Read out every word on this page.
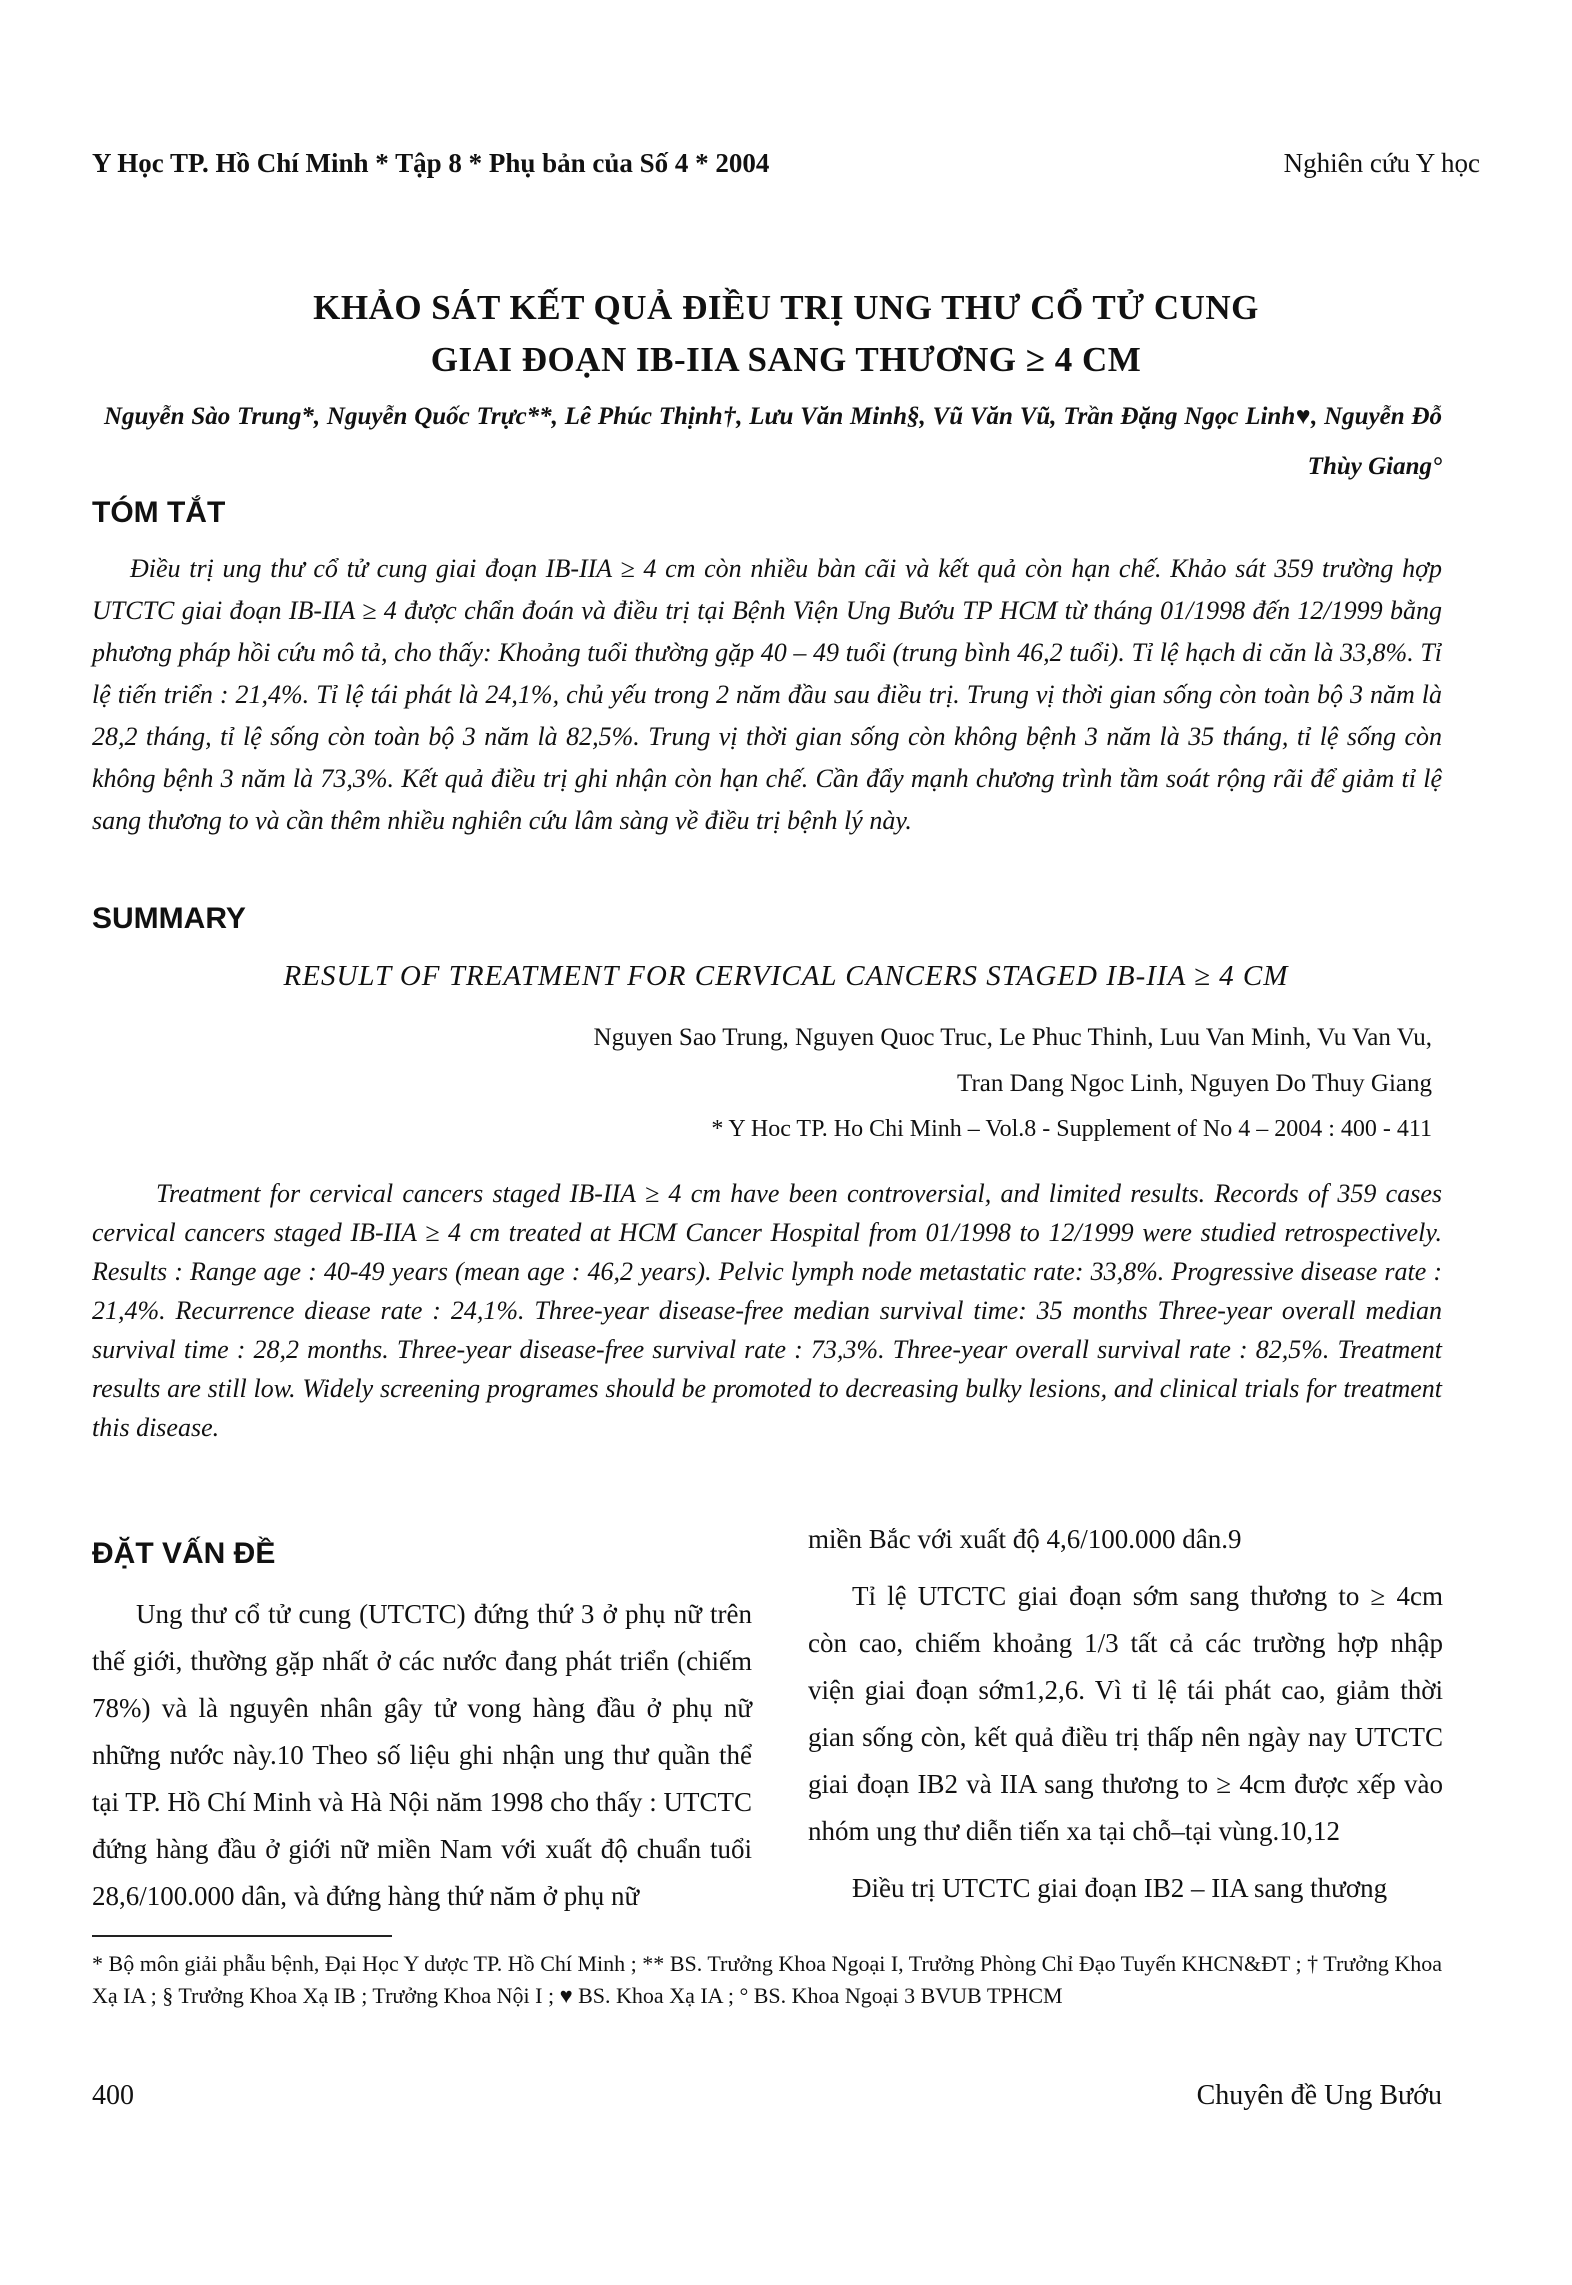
Y Học TP. Hồ Chí Minh * Tập 8 * Phụ bản của Số 4 * 2004	Nghiên cứu Y học
KHẢO SÁT KẾT QUẢ ĐIỀU TRỊ UNG THƯ CỔ TỬ CUNG
GIAI ĐOẠN IB-IIA SANG THƯƠNG ≥ 4 CM
Nguyễn Sào Trung*, Nguyễn Quốc Trực**, Lê Phúc Thịnh†, Lưu Văn Minh§, Vũ Văn Vũ, Trần Đặng Ngọc Linh♥, Nguyễn Đỗ Thùy Giang°
TÓM TẮT
Điều trị ung thư cổ tử cung giai đoạn IB-IIA ≥ 4 cm còn nhiều bàn cãi và kết quả còn hạn chế. Khảo sát 359 trường hợp UTCTC giai đoạn IB-IIA ≥ 4 được chẩn đoán và điều trị tại Bệnh Viện Ung Bướu TP HCM từ tháng 01/1998 đến 12/1999 bằng phương pháp hồi cứu mô tả, cho thấy: Khoảng tuổi thường gặp 40 – 49 tuổi (trung bình 46,2 tuổi). Tỉ lệ hạch di căn là 33,8%. Tỉ lệ tiến triển : 21,4%. Tỉ lệ tái phát là 24,1%, chủ yếu trong 2 năm đầu sau điều trị. Trung vị thời gian sống còn toàn bộ 3 năm là 28,2 tháng, tỉ lệ sống còn toàn bộ 3 năm là 82,5%. Trung vị thời gian sống còn không bệnh 3 năm là 35 tháng, tỉ lệ sống còn không bệnh 3 năm là 73,3%. Kết quả điều trị ghi nhận còn hạn chế. Cần đẩy mạnh chương trình tầm soát rộng rãi để giảm tỉ lệ sang thương to và cần thêm nhiều nghiên cứu lâm sàng về điều trị bệnh lý này.
SUMMARY
RESULT OF TREATMENT FOR CERVICAL CANCERS STAGED IB-IIA ≥ 4 CM
Nguyen Sao Trung, Nguyen Quoc Truc, Le Phuc Thinh, Luu Van Minh, Vu Van Vu,
Tran Dang Ngoc Linh, Nguyen Do Thuy Giang
* Y Hoc TP. Ho Chi Minh – Vol.8 - Supplement of No 4 – 2004 : 400 - 411
Treatment for cervical cancers staged IB-IIA ≥ 4 cm have been controversial, and limited results. Records of 359 cases cervical cancers staged IB-IIA ≥ 4 cm treated at HCM Cancer Hospital from 01/1998 to 12/1999 were studied retrospectively. Results : Range age : 40-49 years (mean age : 46,2 years). Pelvic lymph node metastatic rate: 33,8%. Progressive disease rate : 21,4%. Recurrence diease rate : 24,1%. Three-year disease-free median survival time: 35 months Three-year overall median survival time : 28,2 months. Three-year disease-free survival rate : 73,3%. Three-year overall survival rate : 82,5%. Treatment results are still low. Widely screening programes should be promoted to decreasing bulky lesions, and clinical trials for treatment this disease.

ĐẶT VẤN ĐỀ

Ung thư cổ tử cung (UTCTC) đứng thứ 3 ở phụ nữ trên thế giới, thường gặp nhất ở các nước đang phát triển (chiếm 78%) và là nguyên nhân gây tử vong hàng đầu ở phụ nữ những nước này.10 Theo số liệu ghi nhận ung thư quần thể tại TP. Hồ Chí Minh và Hà Nội năm 1998 cho thấy : UTCTC đứng hàng đầu ở giới nữ miền Nam với xuất độ chuẩn tuổi 28,6/100.000 dân, và đứng hàng thứ năm ở phụ nữ

miền Bắc với xuất độ 4,6/100.000 dân.9

Tỉ lệ UTCTC giai đoạn sớm sang thương to ≥ 4cm còn cao, chiếm khoảng 1/3 tất cả các trường hợp nhập viện giai đoạn sớm1,2,6. Vì tỉ lệ tái phát cao, giảm thời gian sống còn, kết quả điều trị thấp nên ngày nay UTCTC giai đoạn IB2 và IIA sang thương to ≥ 4cm được xếp vào nhóm ung thư diễn tiến xa tại chỗ–tại vùng.10,12

Điều trị UTCTC giai đoạn IB2 – IIA sang thương

* Bộ môn giải phẫu bệnh, Đại Học Y dược TP. Hồ Chí Minh ; ** BS. Trưởng Khoa Ngoại I, Trưởng Phòng Chỉ Đạo Tuyến KHCN&ĐT ; † Trưởng Khoa Xạ IA ; § Trưởng Khoa Xạ IB ; Trưởng Khoa Nội I ; ♥ BS. Khoa Xạ IA ; ° BS. Khoa Ngoại 3 BVUB TPHCM
400	Chuyên đề Ung Bướu
